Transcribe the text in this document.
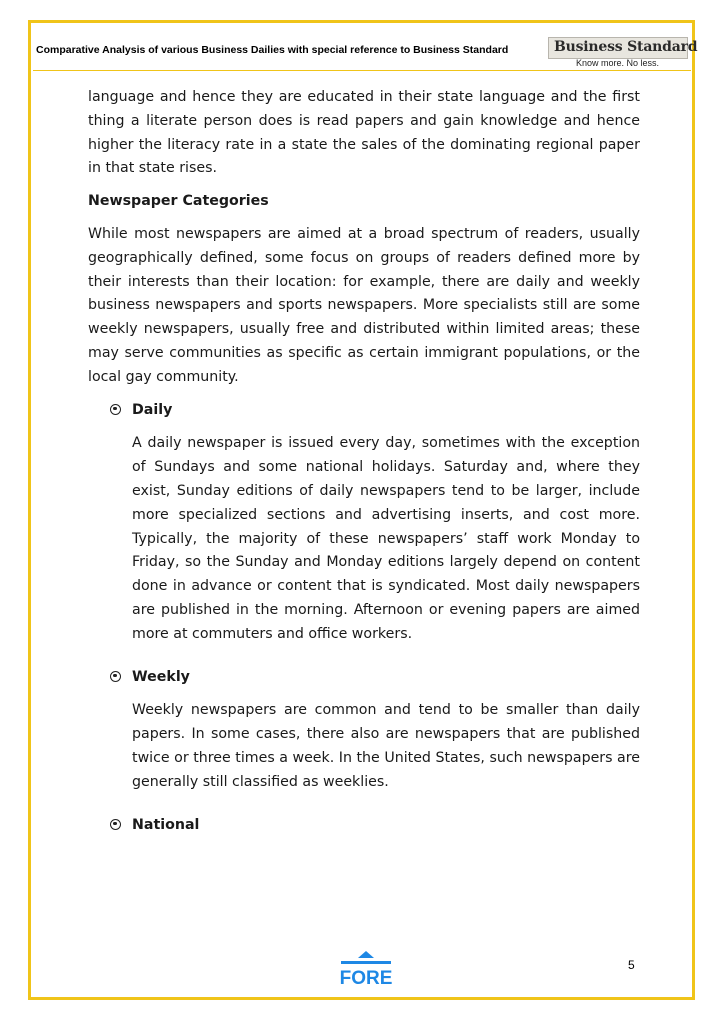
Comparative Analysis of various Business Dailies with special reference to Business Standard	Business Standard
Know more. No less.

language and hence they are educated in their state language and the first thing a literate person does is read papers and gain knowledge and hence higher the literacy rate in a state the sales of the dominating regional paper in that state rises.

Newspaper Categories

While most newspapers are aimed at a broad spectrum of readers, usually geographically defined, some focus on groups of readers defined more by their interests than their location: for example, there are daily and weekly business newspapers and sports newspapers. More specialists still are some weekly newspapers, usually free and distributed within limited areas; these may serve communities as specific as certain immigrant populations, or the local gay community.

Daily

A daily newspaper is issued every day, sometimes with the exception of Sundays and some national holidays. Saturday and, where they exist, Sunday editions of daily newspapers tend to be larger, include more specialized sections and advertising inserts, and cost more. Typically, the majority of these newspapers’ staff work Monday to Friday, so the Sunday and Monday editions largely depend on content done in advance or content that is syndicated. Most daily newspapers are published in the morning. Afternoon or evening papers are aimed more at commuters and office workers.

Weekly

Weekly newspapers are common and tend to be smaller than daily papers. In some cases, there also are newspapers that are published twice or three times a week. In the United States, such newspapers are generally still classified as weeklies.

National
5
FORE
